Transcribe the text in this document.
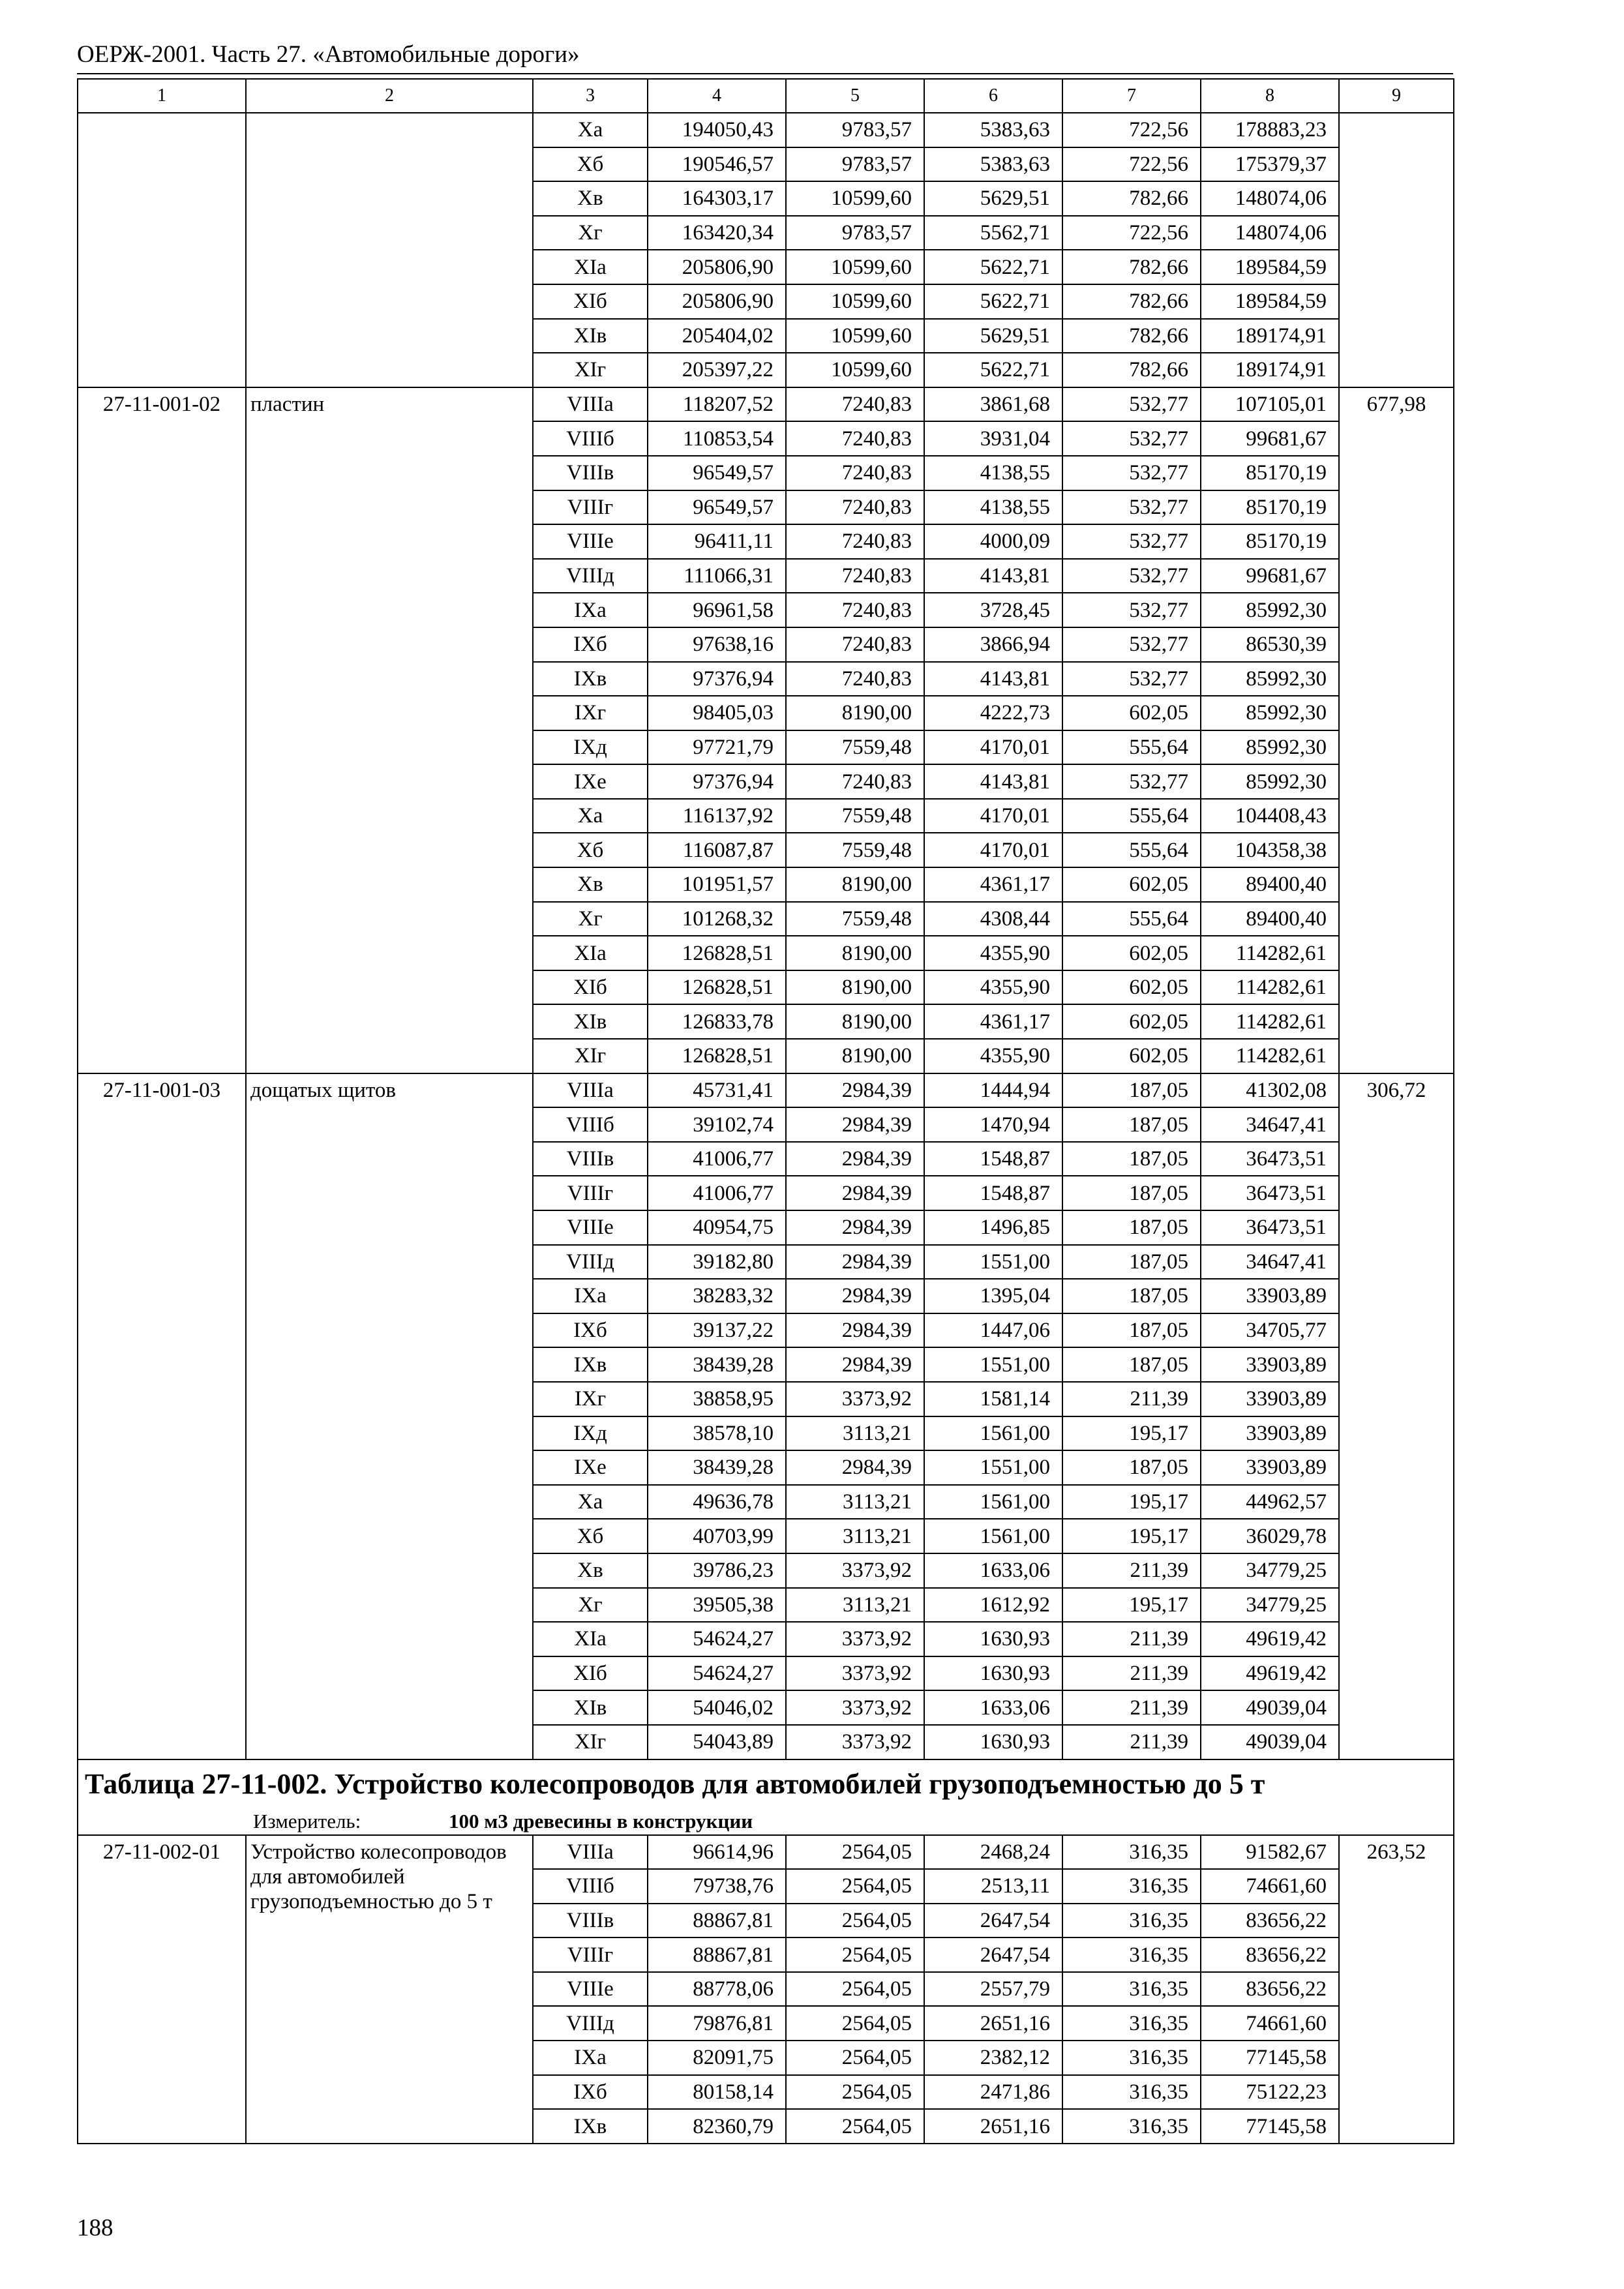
ОЕРЖ-2001. Часть 27. «Автомобильные дороги»
1	2	3	4	5	6	7	8	9
		Xа	194050,43	9783,57	5383,63	722,56	178883,23	
		Xб	190546,57	9783,57	5383,63	722,56	175379,37	
		Xв	164303,17	10599,60	5629,51	782,66	148074,06	
		Xг	163420,34	9783,57	5562,71	722,56	148074,06	
		XIа	205806,90	10599,60	5622,71	782,66	189584,59	
		XIб	205806,90	10599,60	5622,71	782,66	189584,59	
		XIв	205404,02	10599,60	5629,51	782,66	189174,91	
		XIг	205397,22	10599,60	5622,71	782,66	189174,91	
27-11-001-02	пластин	VIIIа	118207,52	7240,83	3861,68	532,77	107105,01	677,98
		VIIIб	110853,54	7240,83	3931,04	532,77	99681,67	
		VIIIв	96549,57	7240,83	4138,55	532,77	85170,19	
		VIIIг	96549,57	7240,83	4138,55	532,77	85170,19	
		VIIIе	96411,11	7240,83	4000,09	532,77	85170,19	
		VIIIд	111066,31	7240,83	4143,81	532,77	99681,67	
		IXа	96961,58	7240,83	3728,45	532,77	85992,30	
		IXб	97638,16	7240,83	3866,94	532,77	86530,39	
		IXв	97376,94	7240,83	4143,81	532,77	85992,30	
		IXг	98405,03	8190,00	4222,73	602,05	85992,30	
		IXд	97721,79	7559,48	4170,01	555,64	85992,30	
		IXе	97376,94	7240,83	4143,81	532,77	85992,30	
		Xа	116137,92	7559,48	4170,01	555,64	104408,43	
		Xб	116087,87	7559,48	4170,01	555,64	104358,38	
		Xв	101951,57	8190,00	4361,17	602,05	89400,40	
		Xг	101268,32	7559,48	4308,44	555,64	89400,40	
		XIа	126828,51	8190,00	4355,90	602,05	114282,61	
		XIб	126828,51	8190,00	4355,90	602,05	114282,61	
		XIв	126833,78	8190,00	4361,17	602,05	114282,61	
		XIг	126828,51	8190,00	4355,90	602,05	114282,61	
27-11-001-03	дощатых щитов	VIIIа	45731,41	2984,39	1444,94	187,05	41302,08	306,72
		VIIIб	39102,74	2984,39	1470,94	187,05	34647,41	
		VIIIв	41006,77	2984,39	1548,87	187,05	36473,51	
		VIIIг	41006,77	2984,39	1548,87	187,05	36473,51	
		VIIIе	40954,75	2984,39	1496,85	187,05	36473,51	
		VIIIд	39182,80	2984,39	1551,00	187,05	34647,41	
		IXа	38283,32	2984,39	1395,04	187,05	33903,89	
		IXб	39137,22	2984,39	1447,06	187,05	34705,77	
		IXв	38439,28	2984,39	1551,00	187,05	33903,89	
		IXг	38858,95	3373,92	1581,14	211,39	33903,89	
		IXд	38578,10	3113,21	1561,00	195,17	33903,89	
		IXе	38439,28	2984,39	1551,00	187,05	33903,89	
		Xа	49636,78	3113,21	1561,00	195,17	44962,57	
		Xб	40703,99	3113,21	1561,00	195,17	36029,78	
		Xв	39786,23	3373,92	1633,06	211,39	34779,25	
		Xг	39505,38	3113,21	1612,92	195,17	34779,25	
		XIа	54624,27	3373,92	1630,93	211,39	49619,42	
		XIб	54624,27	3373,92	1630,93	211,39	49619,42	
		XIв	54046,02	3373,92	1633,06	211,39	49039,04	
		XIг	54043,89	3373,92	1630,93	211,39	49039,04	
Таблица 27-11-002. Устройство колесопроводов для автомобилей грузоподъемностью до 5 т								
Измеритель: 100 м3 древесины в конструкции								
27-11-002-01	Устройство колесопроводов для автомобилей грузоподъемностью до 5 т	VIIIа	96614,96	2564,05	2468,24	316,35	91582,67	263,52
		VIIIб	79738,76	2564,05	2513,11	316,35	74661,60	
		VIIIв	88867,81	2564,05	2647,54	316,35	83656,22	
		VIIIг	88867,81	2564,05	2647,54	316,35	83656,22	
		VIIIе	88778,06	2564,05	2557,79	316,35	83656,22	
		VIIIд	79876,81	2564,05	2651,16	316,35	74661,60	
		IXа	82091,75	2564,05	2382,12	316,35	77145,58	
		IXб	80158,14	2564,05	2471,86	316,35	75122,23	
		IXв	82360,79	2564,05	2651,16	316,35	77145,58	
188
